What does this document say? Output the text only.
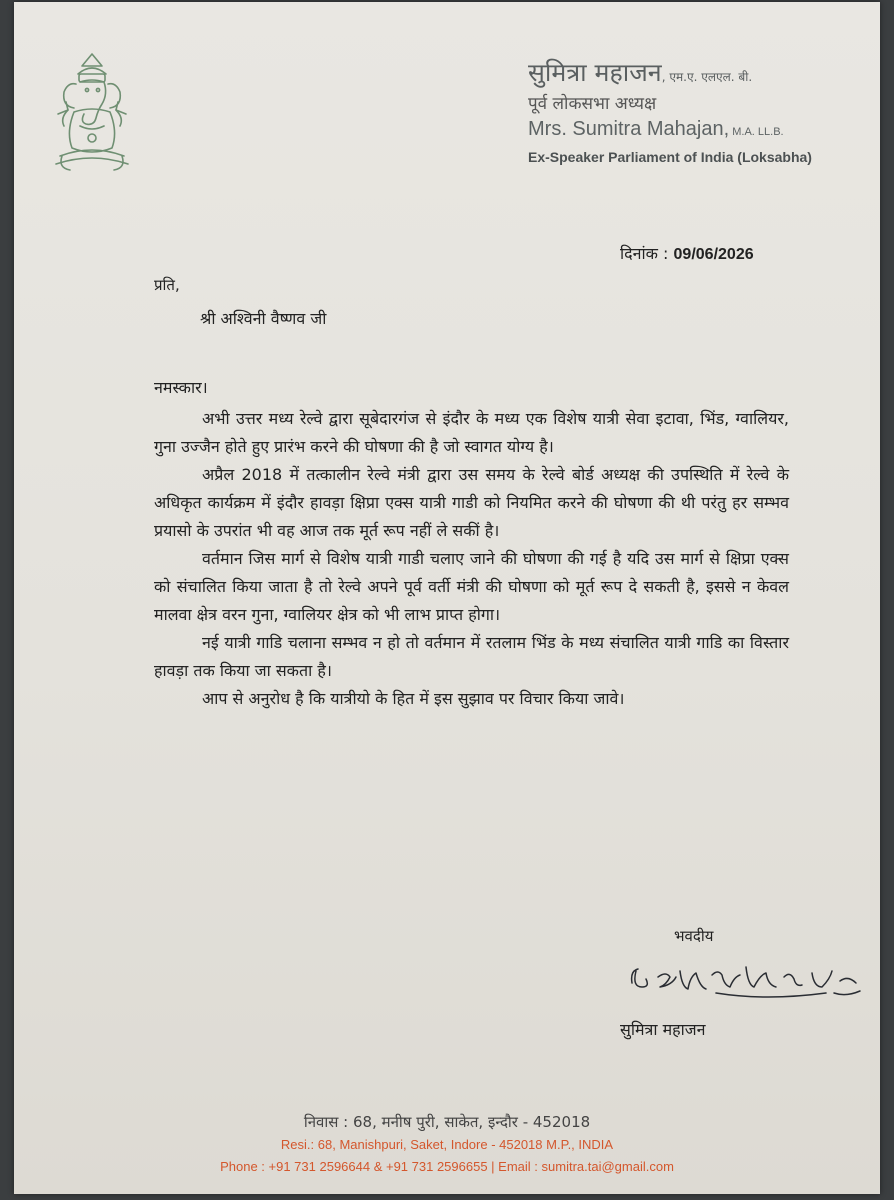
सुमित्रा महाजन, एम.ए. एलएल. बी.
पूर्व लोकसभा अध्यक्ष
Mrs. Sumitra Mahajan, M.A. LL.B.
Ex-Speaker Parliament of India (Loksabha)
दिनांक : 09/06/2026
प्रति,
श्री अश्विनी वैष्णव जी
नमस्कार।

अभी उत्तर मध्य रेल्वे द्वारा सूबेदारगंज से इंदौर के मध्य एक विशेष यात्री सेवा इटावा, भिंड, ग्वालियर, गुना उज्जैन होते हुए प्रारंभ करने की घोषणा की है जो स्वागत योग्य है।

अप्रैल 2018 में तत्कालीन रेल्वे मंत्री द्वारा उस समय के रेल्वे बोर्ड अध्यक्ष की उपस्थिति में रेल्वे के अधिकृत कार्यक्रम में इंदौर हावड़ा क्षिप्रा एक्स यात्री गाडी को नियमित करने की घोषणा की थी परंतु हर सम्भव प्रयासो के उपरांत भी वह आज तक मूर्त रूप नहीं ले सकीं है।

वर्तमान जिस मार्ग से विशेष यात्री गाडी चलाए जाने की घोषणा की गई है यदि उस मार्ग से क्षिप्रा एक्स को संचालित किया जाता है तो रेल्वे अपने पूर्व वर्ती मंत्री की घोषणा को मूर्त रूप दे सकती है, इससे न केवल मालवा क्षेत्र वरन गुना, ग्वालियर क्षेत्र को भी लाभ प्राप्त होगा।

नई यात्री गाडि चलाना सम्भव न हो तो वर्तमान में रतलाम भिंड के मध्य संचालित यात्री गाडि का विस्तार हावड़ा तक किया जा सकता है।

आप से अनुरोध है कि यात्रीयो के हित में इस सुझाव पर विचार किया जावे।

भवदीय
सुमित्रा महाजन
निवास : 68, मनीष पुरी, साकेत, इन्दौर - 452018
Resi.: 68, Manishpuri, Saket, Indore - 452018 M.P., INDIA
Phone : +91 731 2596644 & +91 731 2596655 | Email : sumitra.tai@gmail.com
